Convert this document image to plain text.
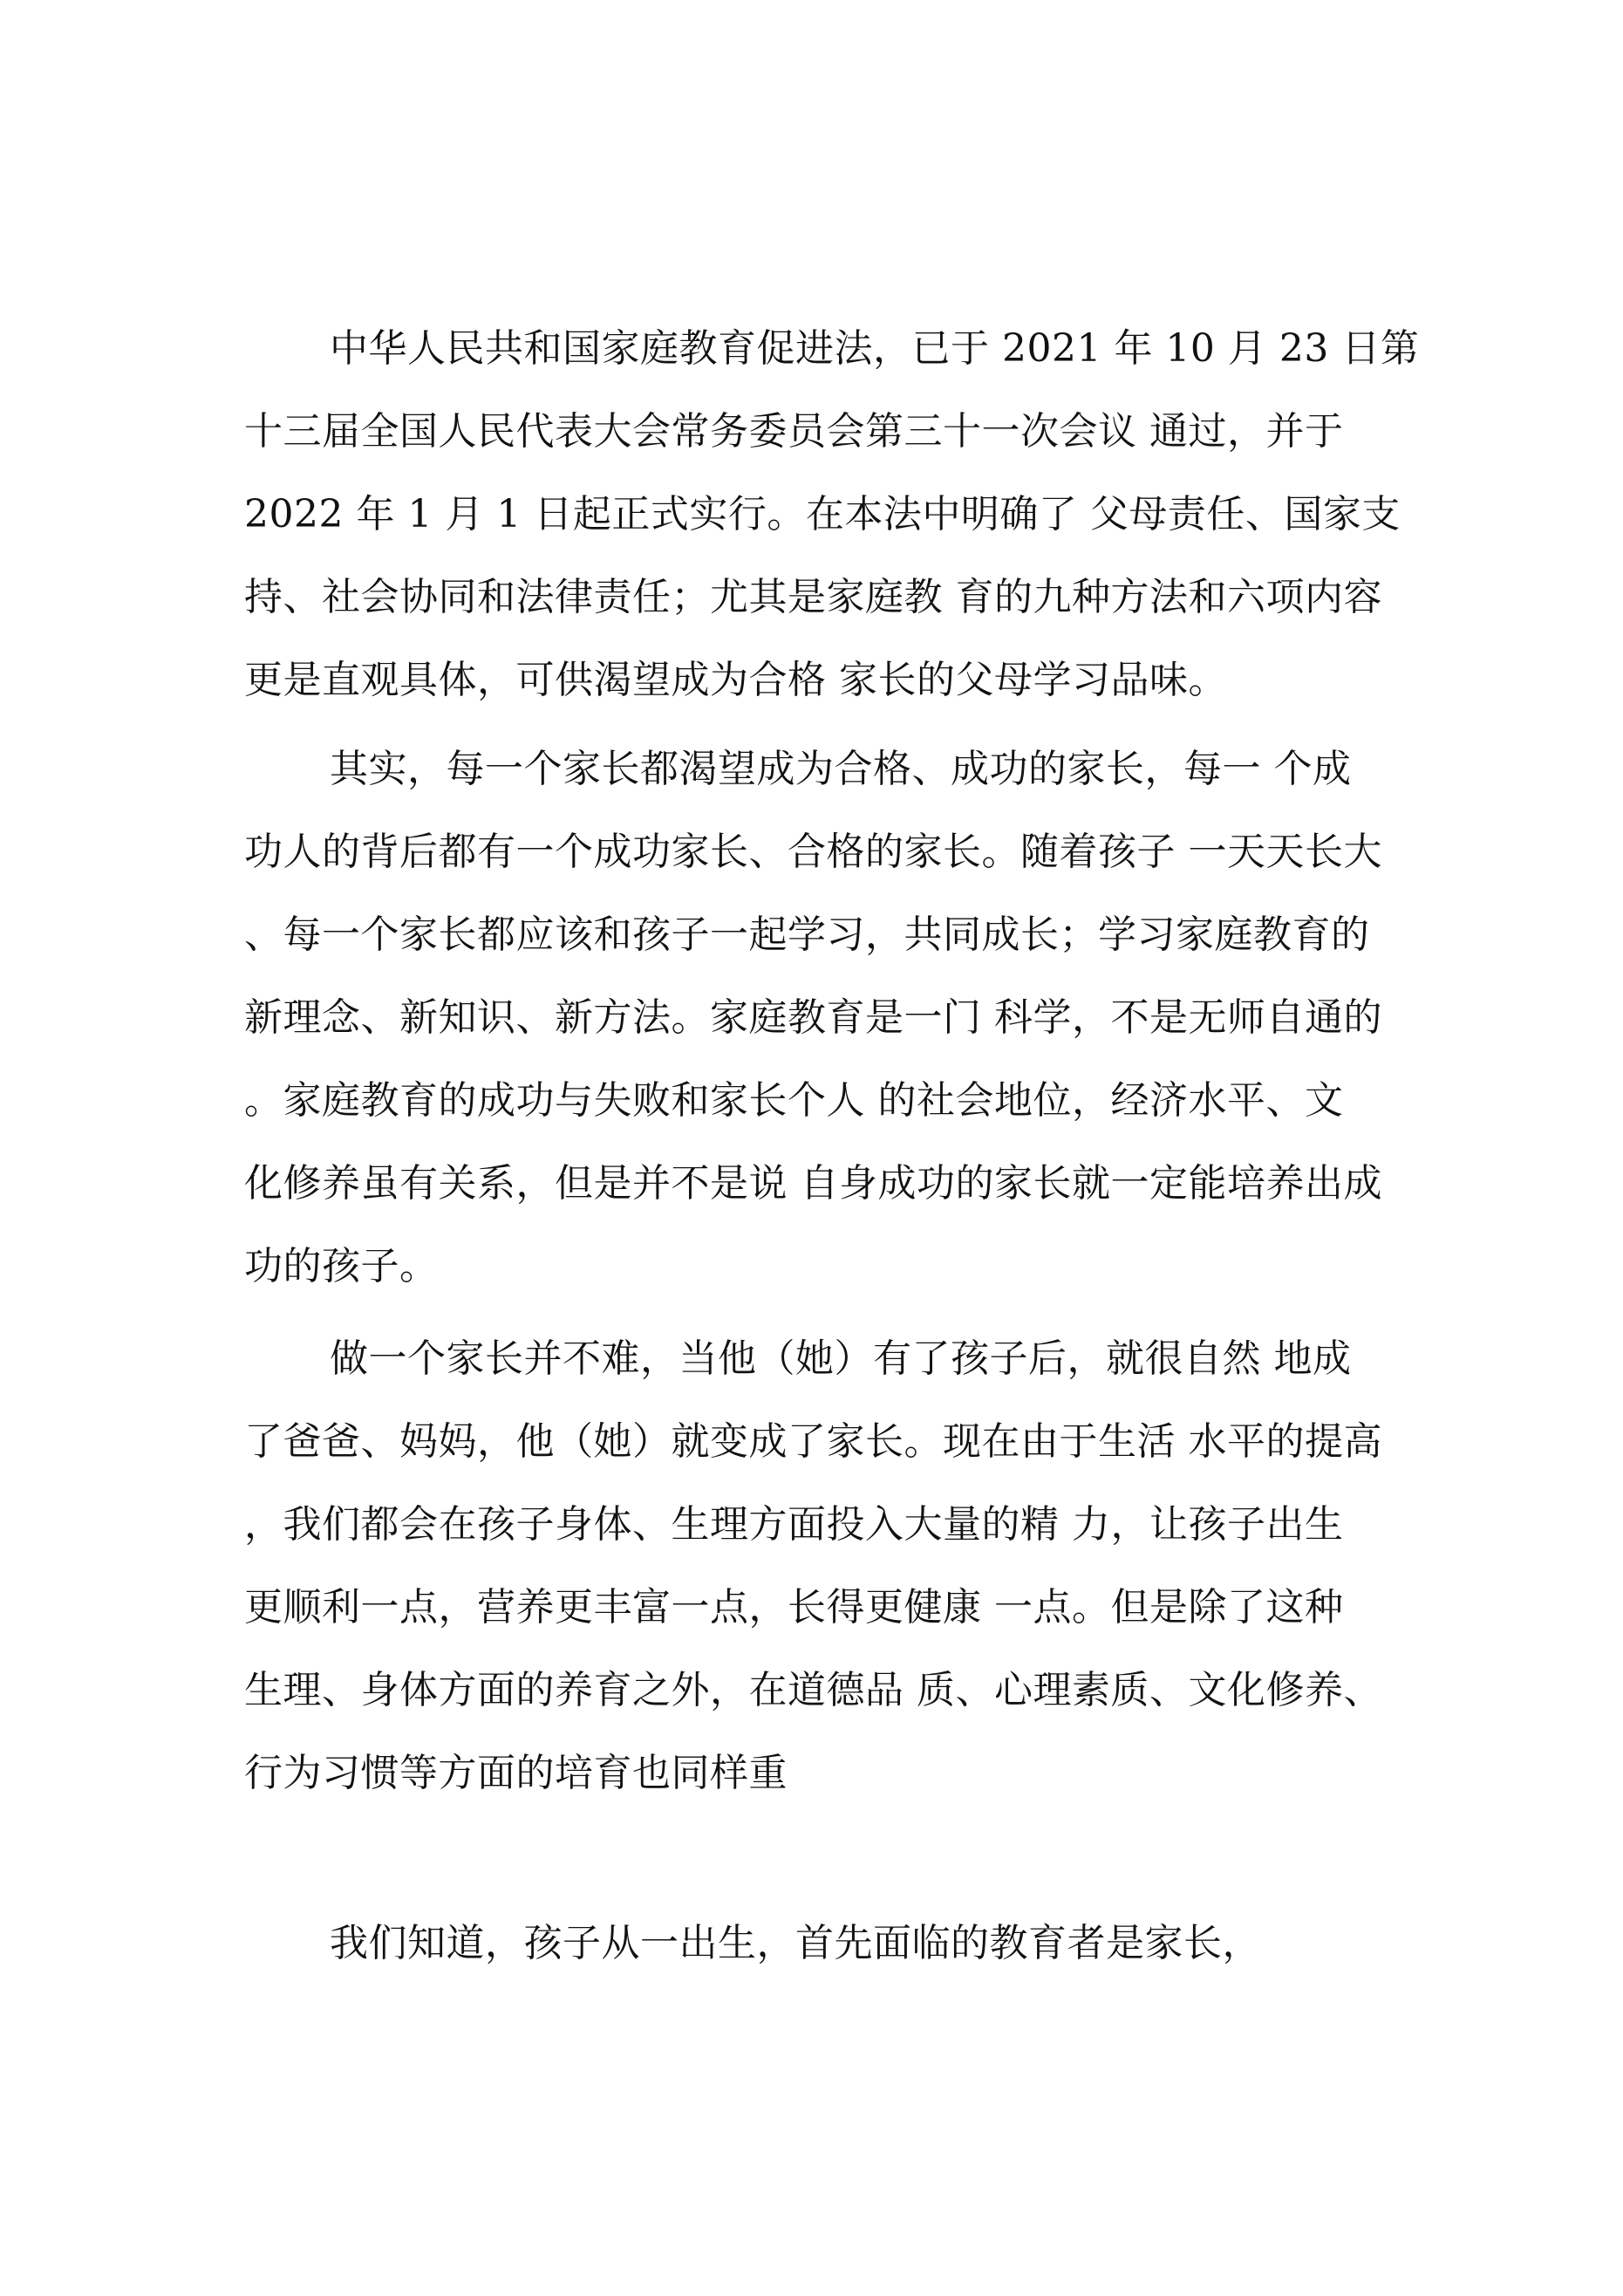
中华人民共和国家庭教育促进法，已于 2021 年 10 月 23 日第
十三届全国人民代表大会常务委员会第三十一次会议 通过，并于
2022 年 1 月 1 日起正式实行。在本法中明确了 父母责任、国家支
持、社会协同和法律责任；尤其是家庭教 育的九种方法和六项内容
更是直观具体，可供渴望成为合格 家长的父母学习品味。
其实，每一个家长都渴望成为合格、成功的家长，每一 个成
功人的背后都有一个成功家长、合格的家长。随着孩子 一天天长大
、每一个家长都应该和孩子一起学习，共同成长；学习家庭教育的
新理念、新知识、新方法。家庭教育是一门 科学，不是无师自通的
。家庭教育的成功与失败和家长个人 的社会地位，经济水平、文
化修养虽有关系，但是并不是说 自身成功的家长就一定能培养出成
功的孩子。
做一个家长并不难，当他（她）有了孩子后，就很自然 地成
了爸爸、妈妈，他（她）就变成了家长。现在由于生活 水平的提高
，我们都会在孩子身体、生理方面投入大量的精 力，让孩子出生
更顺利一点，营养更丰富一点，长得更健康 一点。但是除了这种
生理、身体方面的养育之外，在道德品 质、心理素质、文化修养、
行为习惯等方面的培育也同样重
我们知道，孩子从一出生，首先面临的教育者是家长，
